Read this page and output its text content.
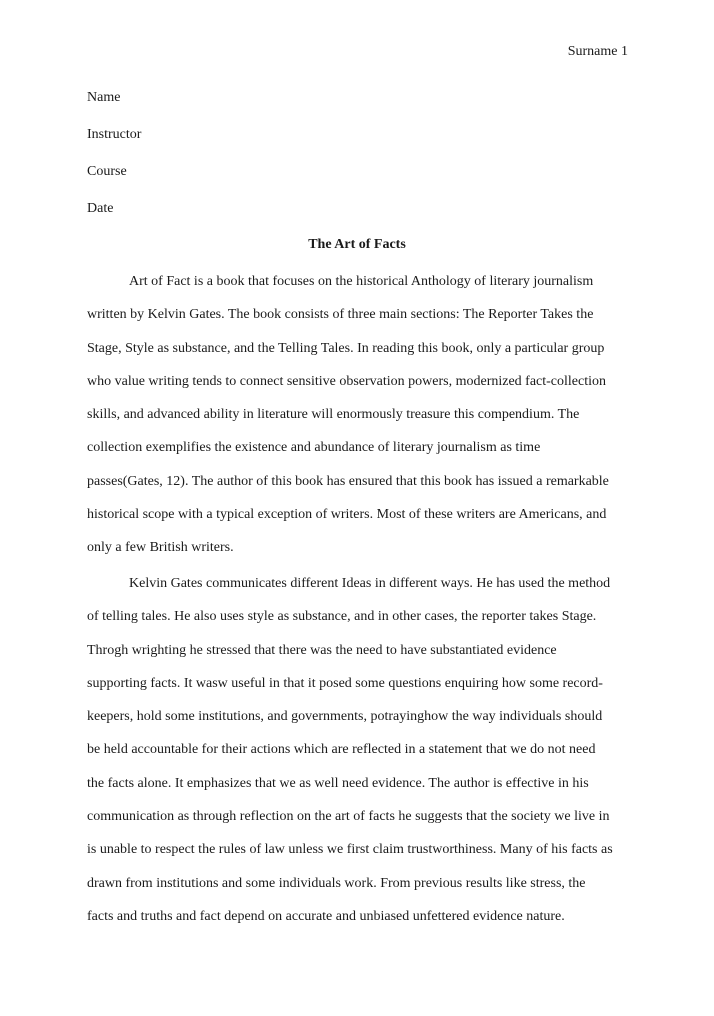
Surname 1
Name
Instructor
Course
Date
The Art of Facts
Art of Fact is a book that focuses on the historical Anthology of literary journalism
written by Kelvin Gates. The book consists of three main sections: The Reporter Takes the
Stage, Style as substance, and the Telling Tales. In reading this book, only a particular group
who value writing tends to connect sensitive observation powers, modernized fact-collection
skills, and advanced ability in literature will enormously treasure this compendium. The
collection exemplifies the existence and abundance of literary journalism as time
passes(Gates, 12). The author of this book has ensured that this book has issued a remarkable
historical scope with a typical exception of writers. Most of these writers are Americans, and
only a few British writers.
Kelvin Gates communicates different Ideas in different ways. He has used the method
of telling tales. He also uses style as substance, and in other cases, the reporter takes Stage.
Throgh wrighting he stressed that there was the need to have substantiated evidence
supporting facts. It wasw useful in that it posed some questions enquiring how some record-
keepers, hold some institutions, and governments, potrayinghow the way individuals should
be held accountable for their actions which are reflected in a statement that we do not need
the facts alone. It emphasizes that we as well need evidence. The author is effective in his
communication as through reflection on the art of facts he suggests that the society we live in
is unable to respect the rules of law unless we first claim trustworthiness. Many of his facts as
drawn from institutions and some individuals work. From previous results like stress, the
facts and truths and fact depend on accurate and unbiased unfettered evidence nature.
